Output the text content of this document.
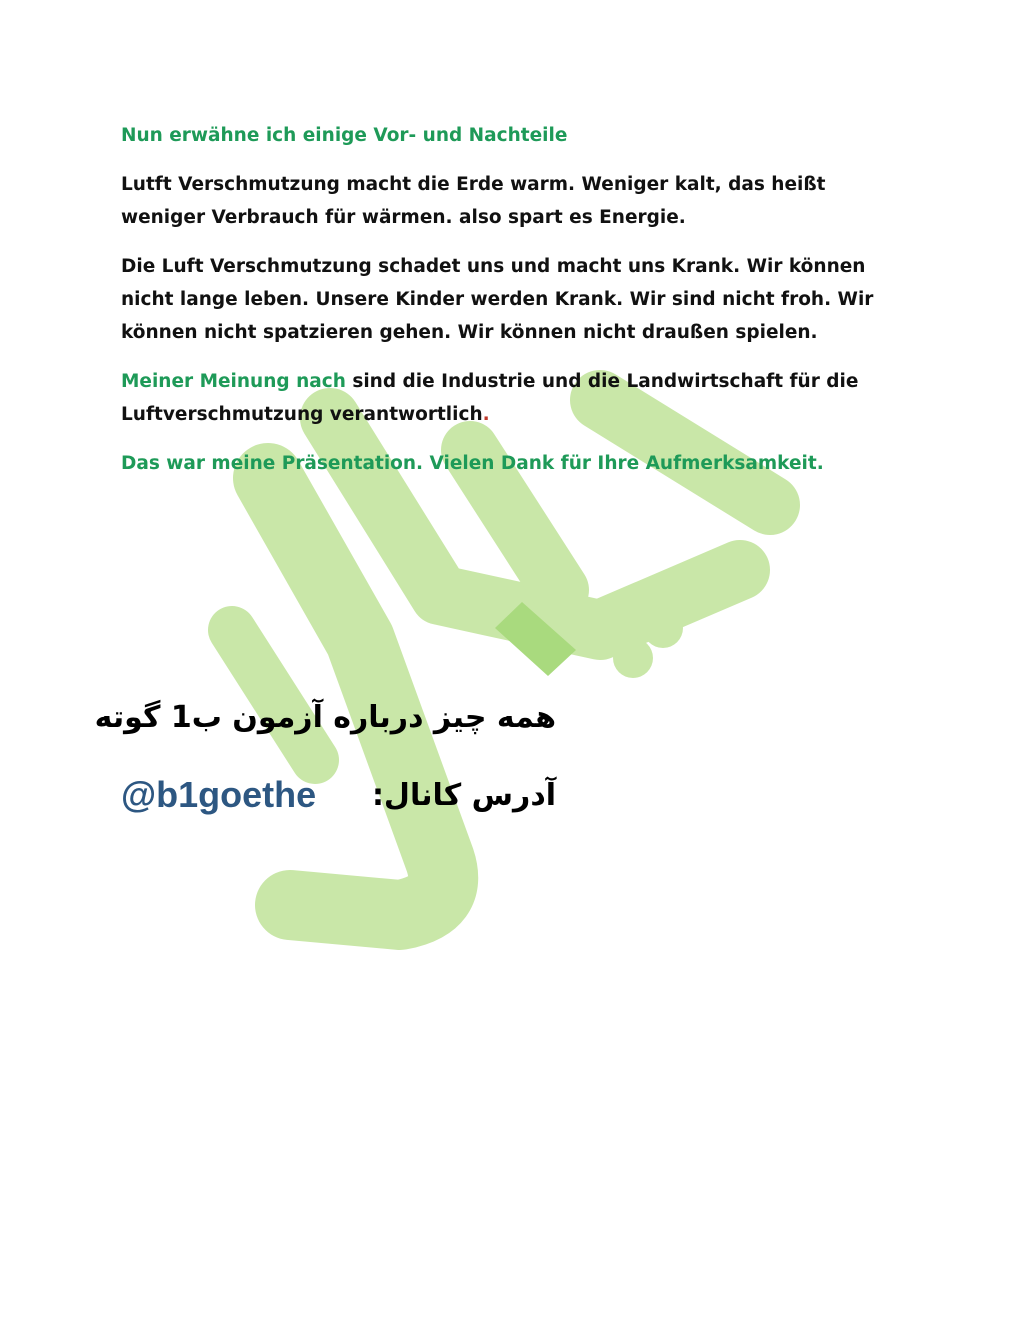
Nun erwähne ich einige Vor- und Nachteile

Lutft Verschmutzung macht die Erde warm. Weniger kalt, das heißt weniger Verbrauch für wärmen. also spart es Energie.

Die Luft Verschmutzung schadet uns und macht uns Krank. Wir können nicht lange leben. Unsere Kinder werden Krank. Wir sind nicht froh. Wir können nicht spatzieren gehen. Wir können nicht draußen spielen.

Meiner Meinung nach sind die Industrie und die Landwirtschaft für die Luftverschmutzung verantwortlich.

Das war meine Präsentation. Vielen Dank für Ihre Aufmerksamkeit.

همه چیز درباره آزمون ب1 گوته
@b1goethe آدرس کانال:
